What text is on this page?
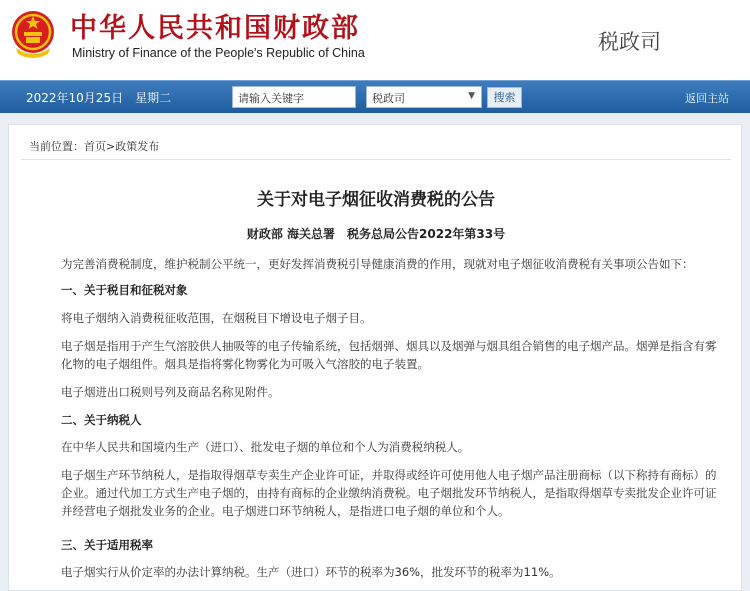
中华人民共和国财政部
Ministry of Finance of the People's Republic of China	税政司
2022年10月25日　星期二	请输入关键字	税政司	▼	搜索	返回主站
当前位置：首页>政策发布
关于对电子烟征收消费税的公告
财政部 海关总署　税务总局公告2022年第33号
为完善消费税制度，维护税制公平统一，更好发挥消费税引导健康消费的作用，现就对电子烟征收消费税有关事项公告如下：
一、关于税目和征税对象
将电子烟纳入消费税征收范围，在烟税目下增设电子烟子目。
电子烟是指用于产生气溶胶供人抽吸等的电子传输系统，包括烟弹、烟具以及烟弹与烟具组合销售的电子烟产品。烟弹是指含有雾化物的电子烟组件。烟具是指将雾化物雾化为可吸入气溶胶的电子装置。
电子烟进出口税则号列及商品名称见附件。
二、关于纳税人
在中华人民共和国境内生产（进口）、批发电子烟的单位和个人为消费税纳税人。
电子烟生产环节纳税人，是指取得烟草专卖生产企业许可证，并取得或经许可使用他人电子烟产品注册商标（以下称持有商标）的企业。通过代加工方式生产电子烟的，由持有商标的企业缴纳消费税。电子烟批发环节纳税人，是指取得烟草专卖批发企业许可证并经营电子烟批发业务的企业。电子烟进口环节纳税人，是指进口电子烟的单位和个人。
三、关于适用税率
电子烟实行从价定率的办法计算纳税。生产（进口）环节的税率为36%，批发环节的税率为11%。
